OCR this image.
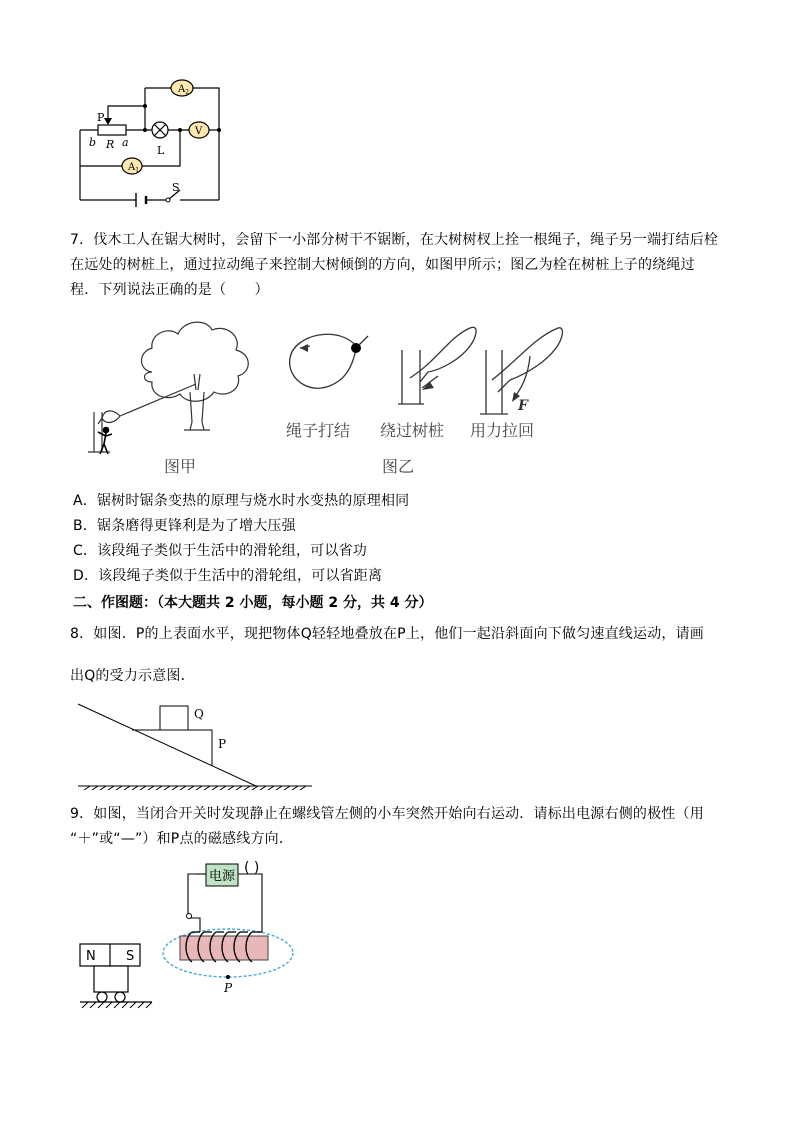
P
b R a
L
S
$A_2$
$A_1$
V
7．伐木工人在锯大树时，会留下一小部分树干不锯断，在大树树杈上拴一根绳子，绳子另一端打结后栓
在远处的树桩上，通过拉动绳子来控制大树倾倒的方向，如图甲所示；图乙为栓在树桩上子的绕绳过
程．下列说法正确的是（　　）
图甲
F
绳子打结 绕过树桩 用力拉回
图乙
A．锯树时锯条变热的原理与烧水时水变热的原理相同
B．锯条磨得更锋利是为了增大压强
C．该段绳子类似于生活中的滑轮组，可以省功
D．该段绳子类似于生活中的滑轮组，可以省距离
二、作图题：（本大题共 2 小题，每小题 2 分，共 4 分）
8．如图．P的上表面水平，现把物体Q轻轻地叠放在P上，他们一起沿斜面向下做匀速直线运动，请画
出Q的受力示意图．
Q
P
9．如图，当闭合开关时发现静止在螺线管左侧的小车突然开始向右运动．请标出电源右侧的极性（用
“＋”或“—”）和P点的磁感线方向．
电源
( )
P
N S
